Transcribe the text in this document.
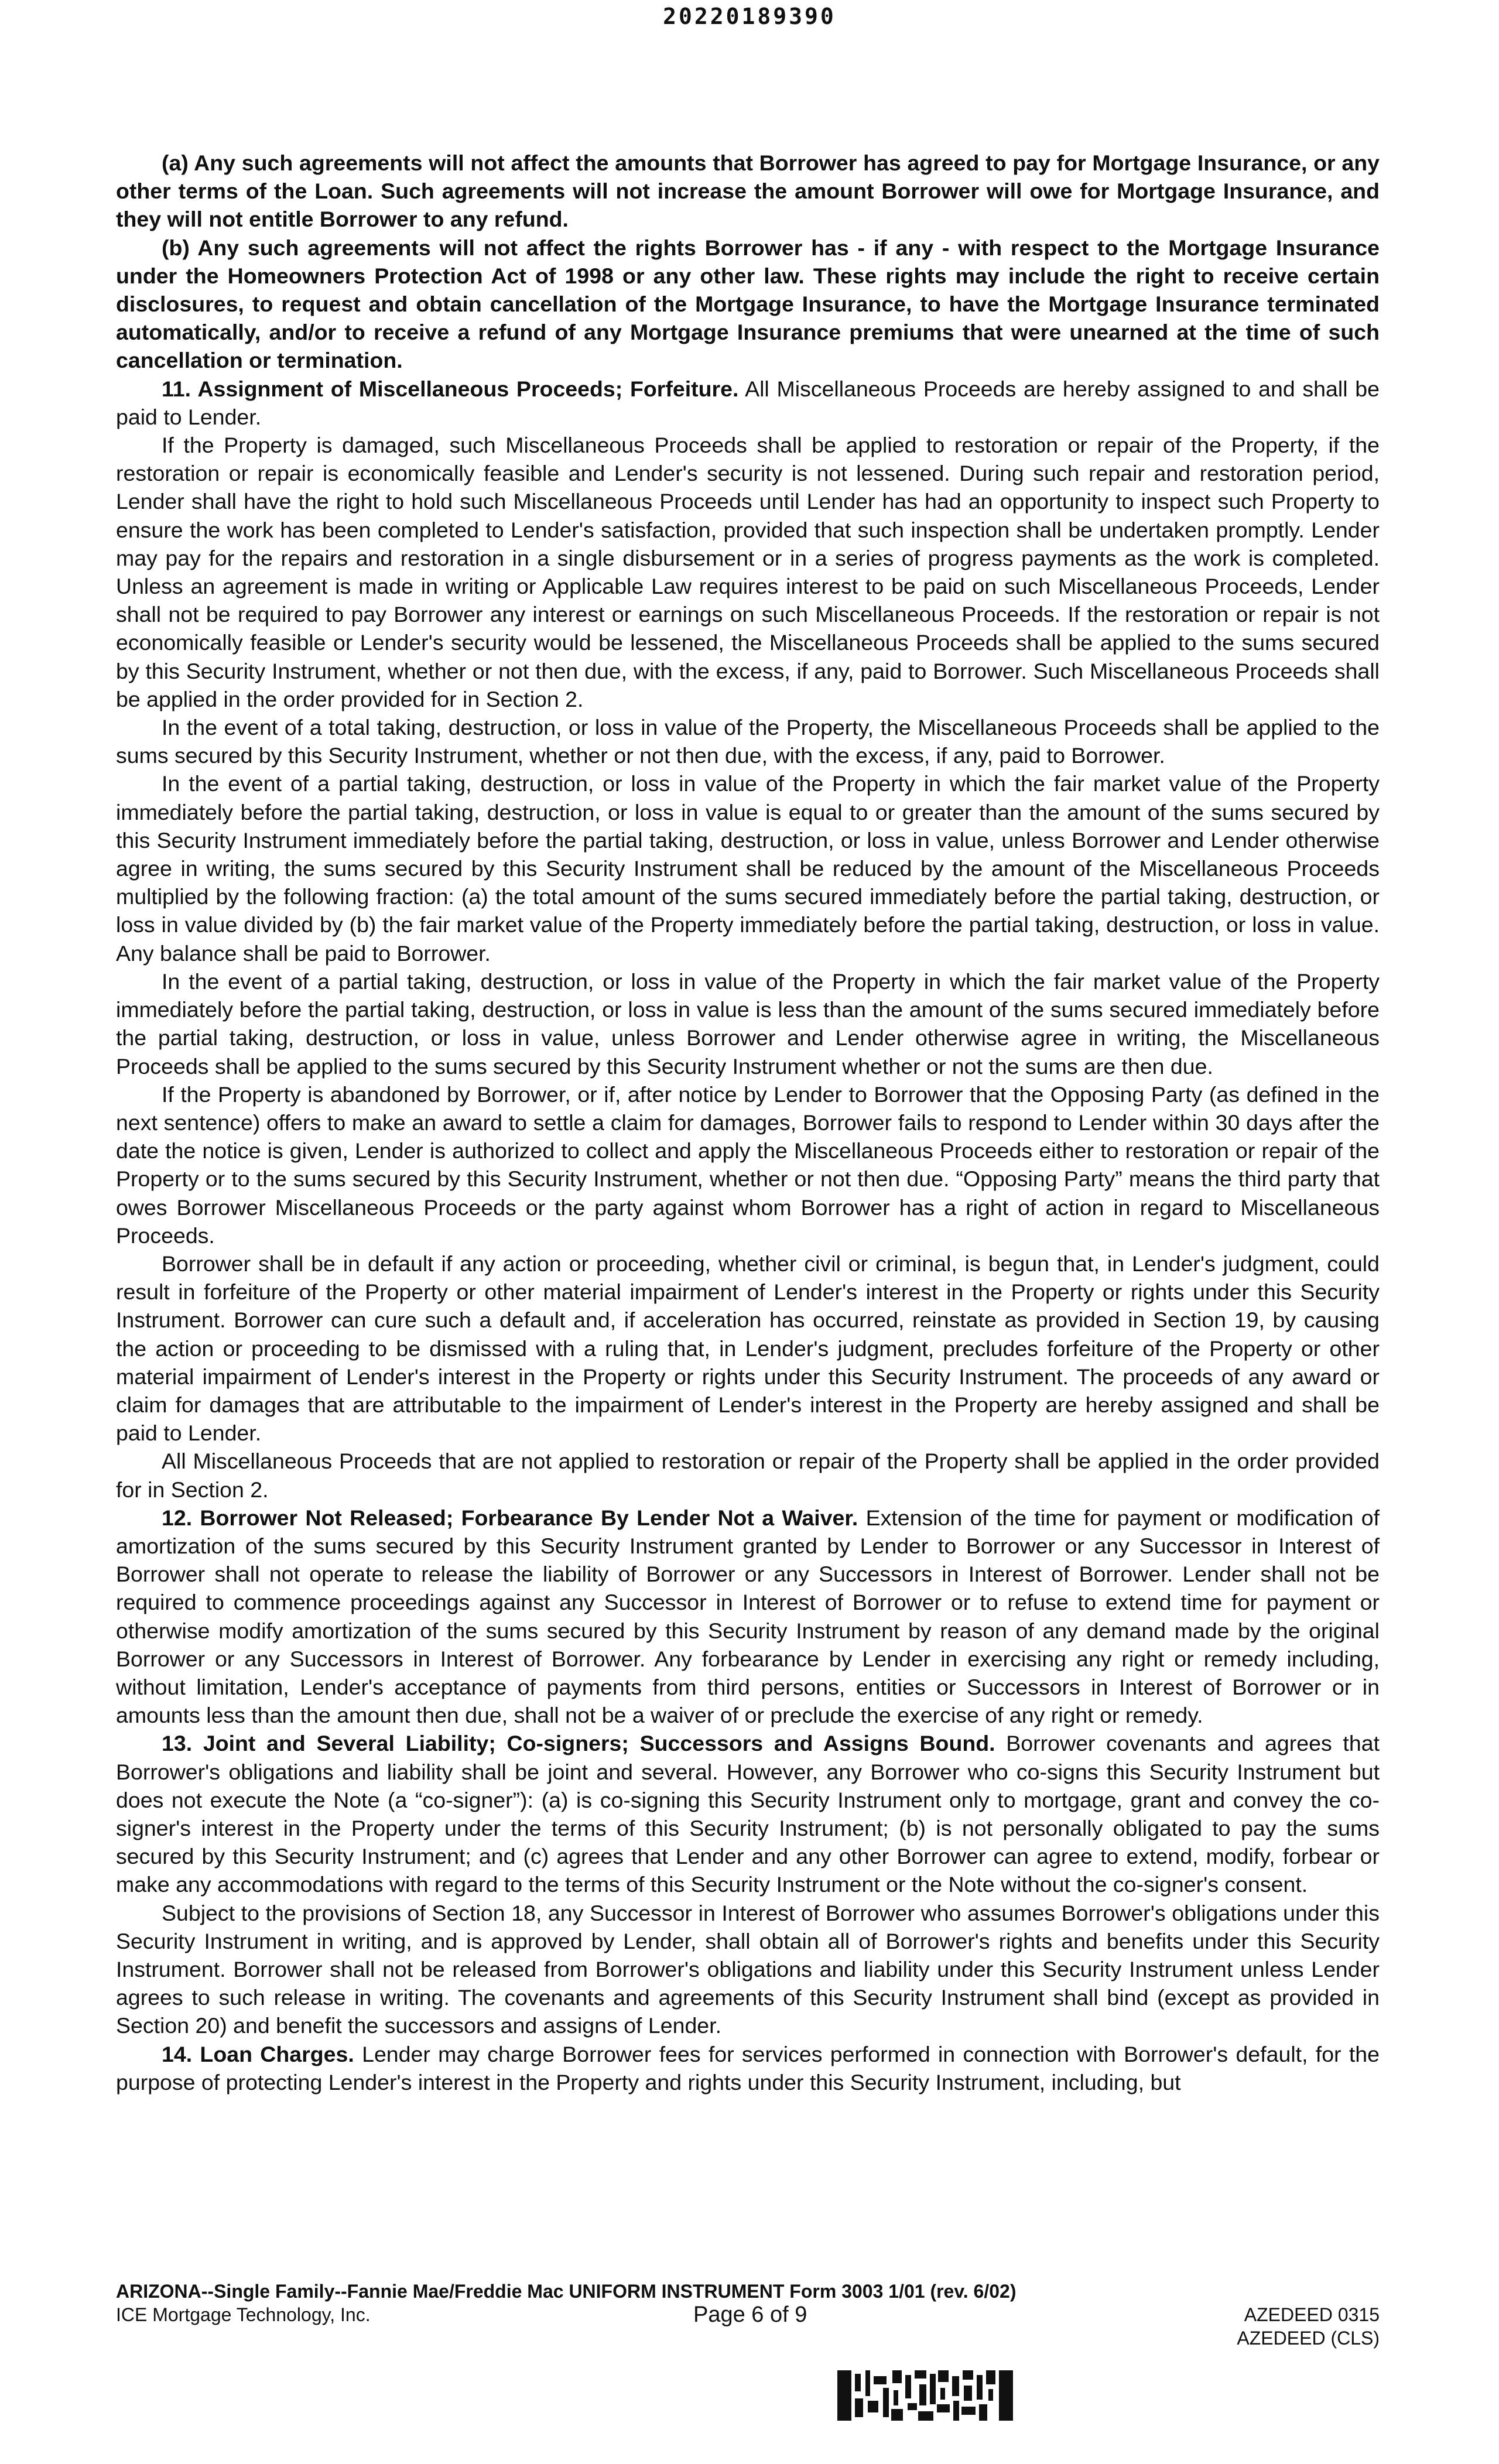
20220189390

(a) Any such agreements will not affect the amounts that Borrower has agreed to pay for Mortgage Insurance, or any other terms of the Loan. Such agreements will not increase the amount Borrower will owe for Mortgage Insurance, and they will not entitle Borrower to any refund.

(b) Any such agreements will not affect the rights Borrower has - if any - with respect to the Mortgage Insurance under the Homeowners Protection Act of 1998 or any other law. These rights may include the right to receive certain disclosures, to request and obtain cancellation of the Mortgage Insurance, to have the Mortgage Insurance terminated automatically, and/or to receive a refund of any Mortgage Insurance premiums that were unearned at the time of such cancellation or termination.

11. Assignment of Miscellaneous Proceeds; Forfeiture. All Miscellaneous Proceeds are hereby assigned to and shall be paid to Lender.

If the Property is damaged, such Miscellaneous Proceeds shall be applied to restoration or repair of the Property, if the restoration or repair is economically feasible and Lender's security is not lessened. During such repair and restoration period, Lender shall have the right to hold such Miscellaneous Proceeds until Lender has had an opportunity to inspect such Property to ensure the work has been completed to Lender's satisfaction, provided that such inspection shall be undertaken promptly. Lender may pay for the repairs and restoration in a single disbursement or in a series of progress payments as the work is completed. Unless an agreement is made in writing or Applicable Law requires interest to be paid on such Miscellaneous Proceeds, Lender shall not be required to pay Borrower any interest or earnings on such Miscellaneous Proceeds. If the restoration or repair is not economically feasible or Lender's security would be lessened, the Miscellaneous Proceeds shall be applied to the sums secured by this Security Instrument, whether or not then due, with the excess, if any, paid to Borrower. Such Miscellaneous Proceeds shall be applied in the order provided for in Section 2.

In the event of a total taking, destruction, or loss in value of the Property, the Miscellaneous Proceeds shall be applied to the sums secured by this Security Instrument, whether or not then due, with the excess, if any, paid to Borrower.

In the event of a partial taking, destruction, or loss in value of the Property in which the fair market value of the Property immediately before the partial taking, destruction, or loss in value is equal to or greater than the amount of the sums secured by this Security Instrument immediately before the partial taking, destruction, or loss in value, unless Borrower and Lender otherwise agree in writing, the sums secured by this Security Instrument shall be reduced by the amount of the Miscellaneous Proceeds multiplied by the following fraction: (a) the total amount of the sums secured immediately before the partial taking, destruction, or loss in value divided by (b) the fair market value of the Property immediately before the partial taking, destruction, or loss in value. Any balance shall be paid to Borrower.

In the event of a partial taking, destruction, or loss in value of the Property in which the fair market value of the Property immediately before the partial taking, destruction, or loss in value is less than the amount of the sums secured immediately before the partial taking, destruction, or loss in value, unless Borrower and Lender otherwise agree in writing, the Miscellaneous Proceeds shall be applied to the sums secured by this Security Instrument whether or not the sums are then due.

If the Property is abandoned by Borrower, or if, after notice by Lender to Borrower that the Opposing Party (as defined in the next sentence) offers to make an award to settle a claim for damages, Borrower fails to respond to Lender within 30 days after the date the notice is given, Lender is authorized to collect and apply the Miscellaneous Proceeds either to restoration or repair of the Property or to the sums secured by this Security Instrument, whether or not then due. “Opposing Party” means the third party that owes Borrower Miscellaneous Proceeds or the party against whom Borrower has a right of action in regard to Miscellaneous Proceeds.

Borrower shall be in default if any action or proceeding, whether civil or criminal, is begun that, in Lender's judgment, could result in forfeiture of the Property or other material impairment of Lender's interest in the Property or rights under this Security Instrument. Borrower can cure such a default and, if acceleration has occurred, reinstate as provided in Section 19, by causing the action or proceeding to be dismissed with a ruling that, in Lender's judgment, precludes forfeiture of the Property or other material impairment of Lender's interest in the Property or rights under this Security Instrument. The proceeds of any award or claim for damages that are attributable to the impairment of Lender's interest in the Property are hereby assigned and shall be paid to Lender.

All Miscellaneous Proceeds that are not applied to restoration or repair of the Property shall be applied in the order provided for in Section 2.

12. Borrower Not Released; Forbearance By Lender Not a Waiver. Extension of the time for payment or modification of amortization of the sums secured by this Security Instrument granted by Lender to Borrower or any Successor in Interest of Borrower shall not operate to release the liability of Borrower or any Successors in Interest of Borrower. Lender shall not be required to commence proceedings against any Successor in Interest of Borrower or to refuse to extend time for payment or otherwise modify amortization of the sums secured by this Security Instrument by reason of any demand made by the original Borrower or any Successors in Interest of Borrower. Any forbearance by Lender in exercising any right or remedy including, without limitation, Lender's acceptance of payments from third persons, entities or Successors in Interest of Borrower or in amounts less than the amount then due, shall not be a waiver of or preclude the exercise of any right or remedy.

13. Joint and Several Liability; Co-signers; Successors and Assigns Bound. Borrower covenants and agrees that Borrower's obligations and liability shall be joint and several. However, any Borrower who co-signs this Security Instrument but does not execute the Note (a “co-signer”): (a) is co-signing this Security Instrument only to mortgage, grant and convey the co-signer's interest in the Property under the terms of this Security Instrument; (b) is not personally obligated to pay the sums secured by this Security Instrument; and (c) agrees that Lender and any other Borrower can agree to extend, modify, forbear or make any accommodations with regard to the terms of this Security Instrument or the Note without the co-signer's consent.

Subject to the provisions of Section 18, any Successor in Interest of Borrower who assumes Borrower's obligations under this Security Instrument in writing, and is approved by Lender, shall obtain all of Borrower's rights and benefits under this Security Instrument. Borrower shall not be released from Borrower's obligations and liability under this Security Instrument unless Lender agrees to such release in writing. The covenants and agreements of this Security Instrument shall bind (except as provided in Section 20) and benefit the successors and assigns of Lender.

14. Loan Charges. Lender may charge Borrower fees for services performed in connection with Borrower's default, for the purpose of protecting Lender's interest in the Property and rights under this Security Instrument, including, but

ARIZONA--Single Family--Fannie Mae/Freddie Mac UNIFORM INSTRUMENT Form 3003 1/01 (rev. 6/02)
ICE Mortgage Technology, Inc.	Page 6 of 9	AZEDEED 0315
AZEDEED (CLS)
